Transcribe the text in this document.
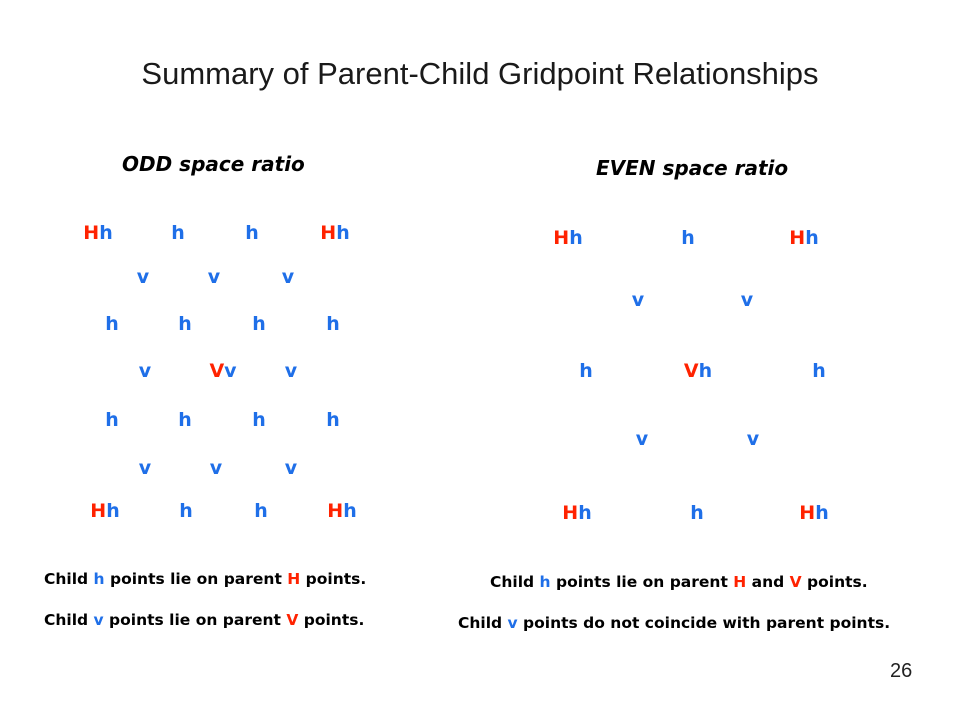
Summary of Parent-Child Gridpoint Relationships
ODD space ratio	EVEN space ratio
Hh	h	h	Hh
v	v	v
h	h	h	h
v	Vv	v
h	h	h	h
v	v	v
Hh	h	h	Hh
Hh	h	Hh
v	v
h	Vh	h
v	v
Hh	h	Hh
Child h points lie on parent H points.
Child v points lie on parent V points.
Child h points lie on parent H and V points.
Child v points do not coincide with parent points.
26
